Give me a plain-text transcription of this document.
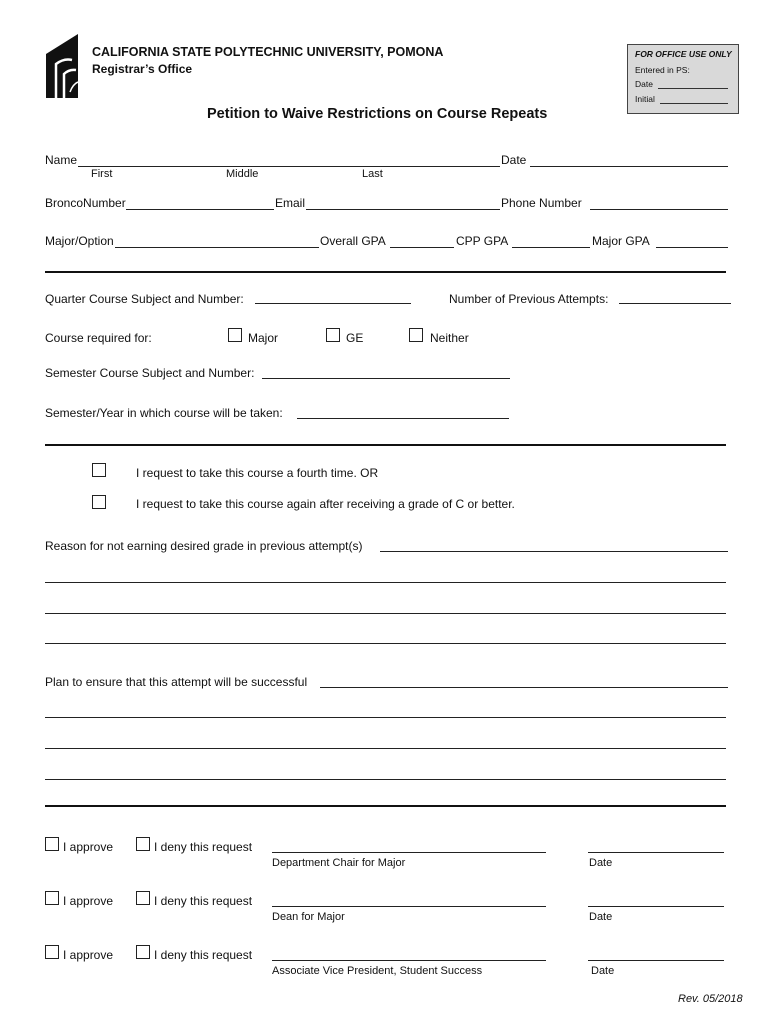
CALIFORNIA STATE POLYTECHNIC UNIVERSITY, POMONA
Registrar’s Office
Petition to Waive Restrictions on Course Repeats
FOR OFFICE USE ONLY
Entered in PS:
Date
Initial
Name	Date
First	Middle	Last
BroncoNumber	Email	Phone Number
Major/Option	Overall GPA	CPP GPA	Major GPA
Quarter Course Subject and Number:	Number of Previous Attempts:
Course required for:	Major	GE	Neither
Semester Course Subject and Number:
Semester/Year in which course will be taken:
I request to take this course a fourth time. OR
I request to take this course again after receiving a grade of C or better.
Reason for not earning desired grade in previous attempt(s)
Plan to ensure that this attempt will be successful
I approve	I deny this request
Department Chair for Major	Date
I approve	I deny this request
Dean for Major	Date
I approve	I deny this request
Associate Vice President, Student Success	Date
Rev. 05/2018
